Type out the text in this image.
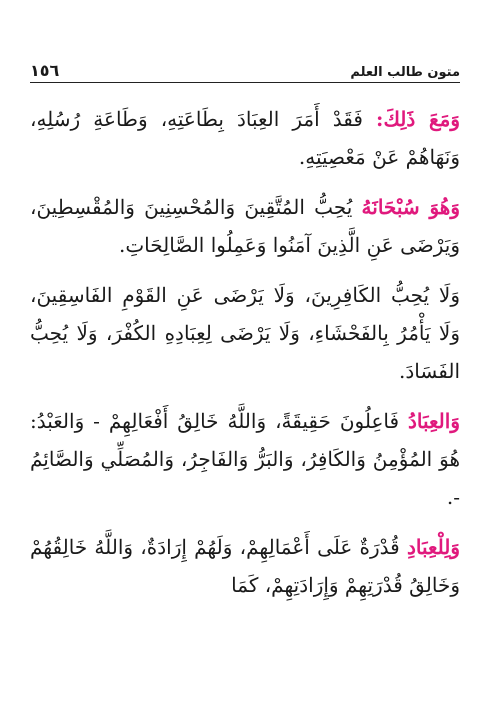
متون طالب العلم
١٥٦

وَمَعَ ذَلِكَ: فَقَدْ أَمَرَ العِبَادَ بِطَاعَتِهِ، وَطَاعَةِ رُسُلِهِ، وَنَهَاهُمْ عَنْ مَعْصِيَتِهِ.

وَهُوَ سُبْحَانَهُ يُحِبُّ المُتَّقِينَ وَالمُحْسِنِينَ وَالمُقْسِطِينَ، وَيَرْضَى عَنِ الَّذِينَ آمَنُوا وَعَمِلُوا الصَّالِحَاتِ.

وَلَا يُحِبُّ الكَافِرِينَ، وَلَا يَرْضَى عَنِ القَوْمِ الفَاسِقِينَ، وَلَا يَأْمُرُ بِالفَحْشَاءِ، وَلَا يَرْضَى لِعِبَادِهِ الكُفْرَ، وَلَا يُحِبُّ الفَسَادَ.

وَالعِبَادُ فَاعِلُونَ حَقِيقَةً، وَاللَّهُ خَالِقُ أَفْعَالِهِمْ - وَالعَبْدُ: هُوَ المُؤْمِنُ وَالكَافِرُ، وَالبَرُّ وَالفَاجِرُ، وَالمُصَلِّي وَالصَّائِمُ -.

وَلِلْعِبَادِ قُدْرَةٌ عَلَى أَعْمَالِهِمْ، وَلَهُمْ إِرَادَةٌ، وَاللَّهُ خَالِقُهُمْ وَخَالِقُ قُدْرَتِهِمْ وَإِرَادَتِهِمْ، كَمَا
